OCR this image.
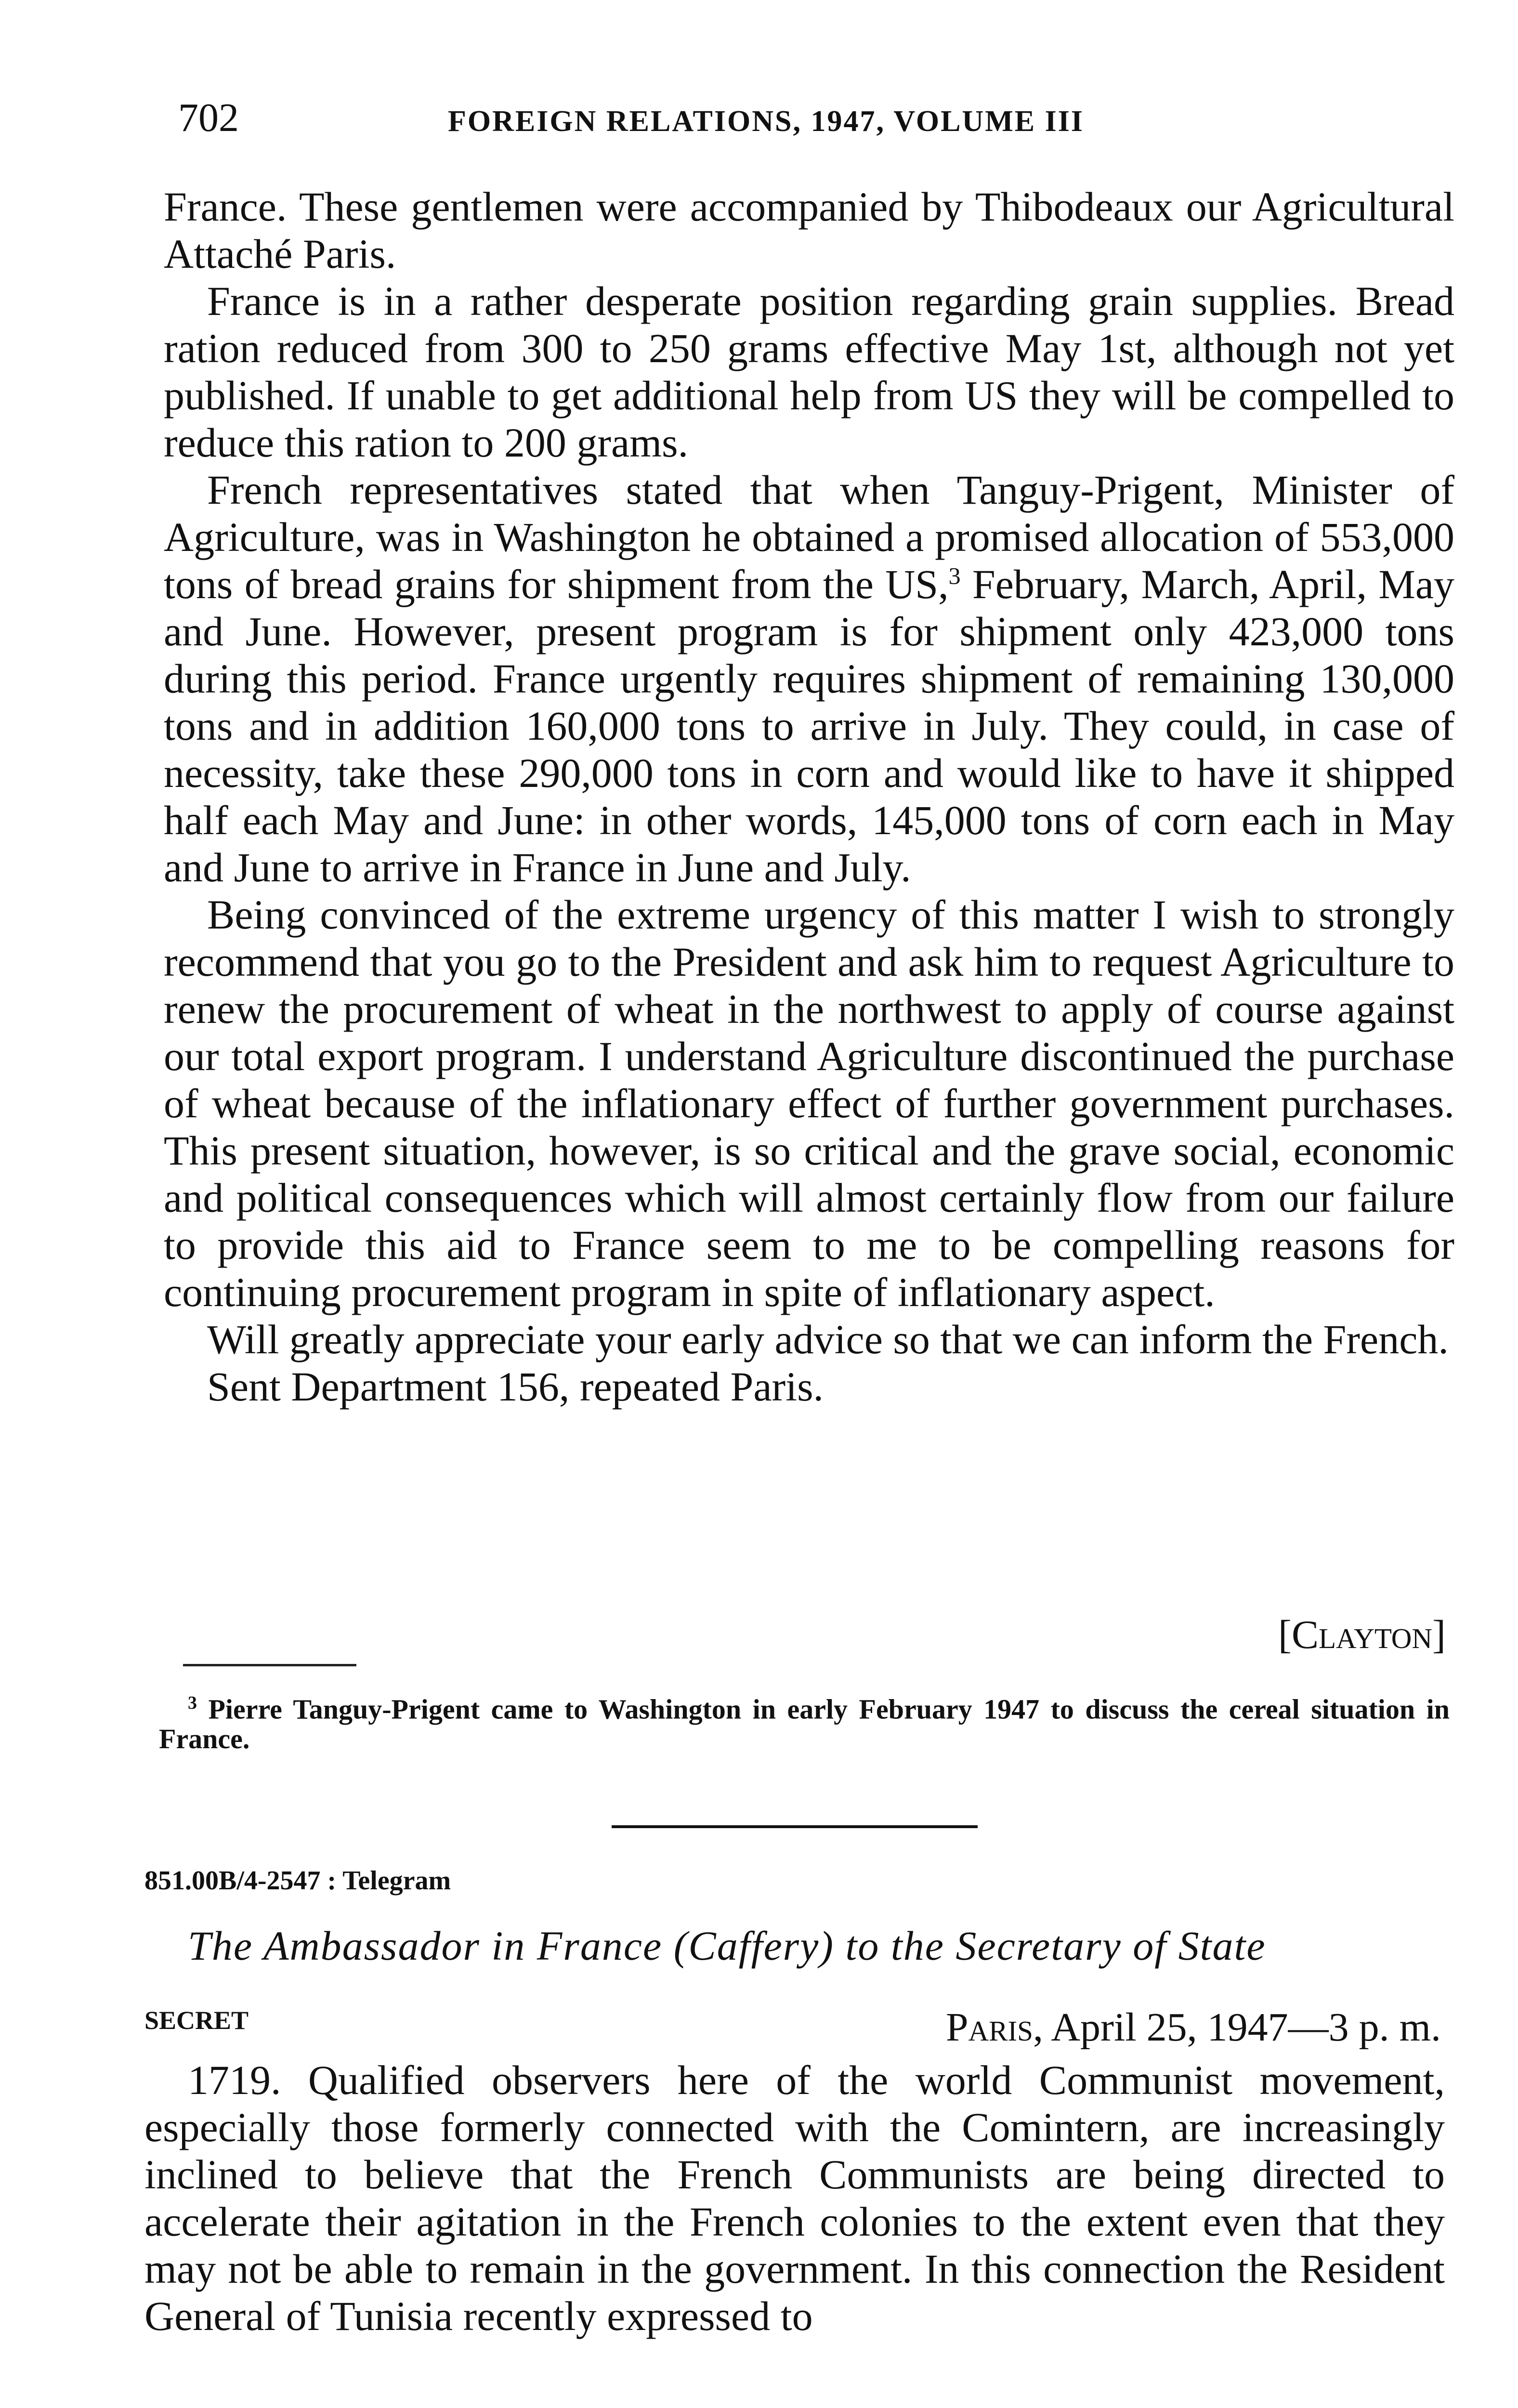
702	FOREIGN RELATIONS, 1947, VOLUME III

France. These gentlemen were accompanied by Thibodeaux our Agricultural Attaché Paris.

France is in a rather desperate position regarding grain supplies. Bread ration reduced from 300 to 250 grams effective May 1st, although not yet published. If unable to get additional help from US they will be compelled to reduce this ration to 200 grams.

French representatives stated that when Tanguy-Prigent, Minister of Agriculture, was in Washington he obtained a promised allocation of 553,000 tons of bread grains for shipment from the US,$^3$ February, March, April, May and June. However, present program is for shipment only 423,000 tons during this period. France urgently requires shipment of remaining 130,000 tons and in addition 160,000 tons to arrive in July. They could, in case of necessity, take these 290,000 tons in corn and would like to have it shipped half each May and June: in other words, 145,000 tons of corn each in May and June to arrive in France in June and July.

Being convinced of the extreme urgency of this matter I wish to strongly recommend that you go to the President and ask him to request Agriculture to renew the procurement of wheat in the northwest to apply of course against our total export program. I understand Agriculture discontinued the purchase of wheat because of the inflationary effect of further government purchases. This present situation, however, is so critical and the grave social, economic and political consequences which will almost certainly flow from our failure to provide this aid to France seem to me to be compelling reasons for continuing procurement program in spite of inflationary aspect.

Will greatly appreciate your early advice so that we can inform the French.

Sent Department 156, repeated Paris.

[Clayton]

$^3$ Pierre Tanguy-Prigent came to Washington in early February 1947 to discuss the cereal situation in France.

851.00B/4-2547 : Telegram
The Ambassador in France (Caffery) to the Secretary of State
SECRET	Paris, April 25, 1947—3 p. m.

1719. Qualified observers here of the world Communist movement, especially those formerly connected with the Comintern, are increasingly inclined to believe that the French Communists are being directed to accelerate their agitation in the French colonies to the extent even that they may not be able to remain in the government. In this connection the Resident General of Tunisia recently expressed to
